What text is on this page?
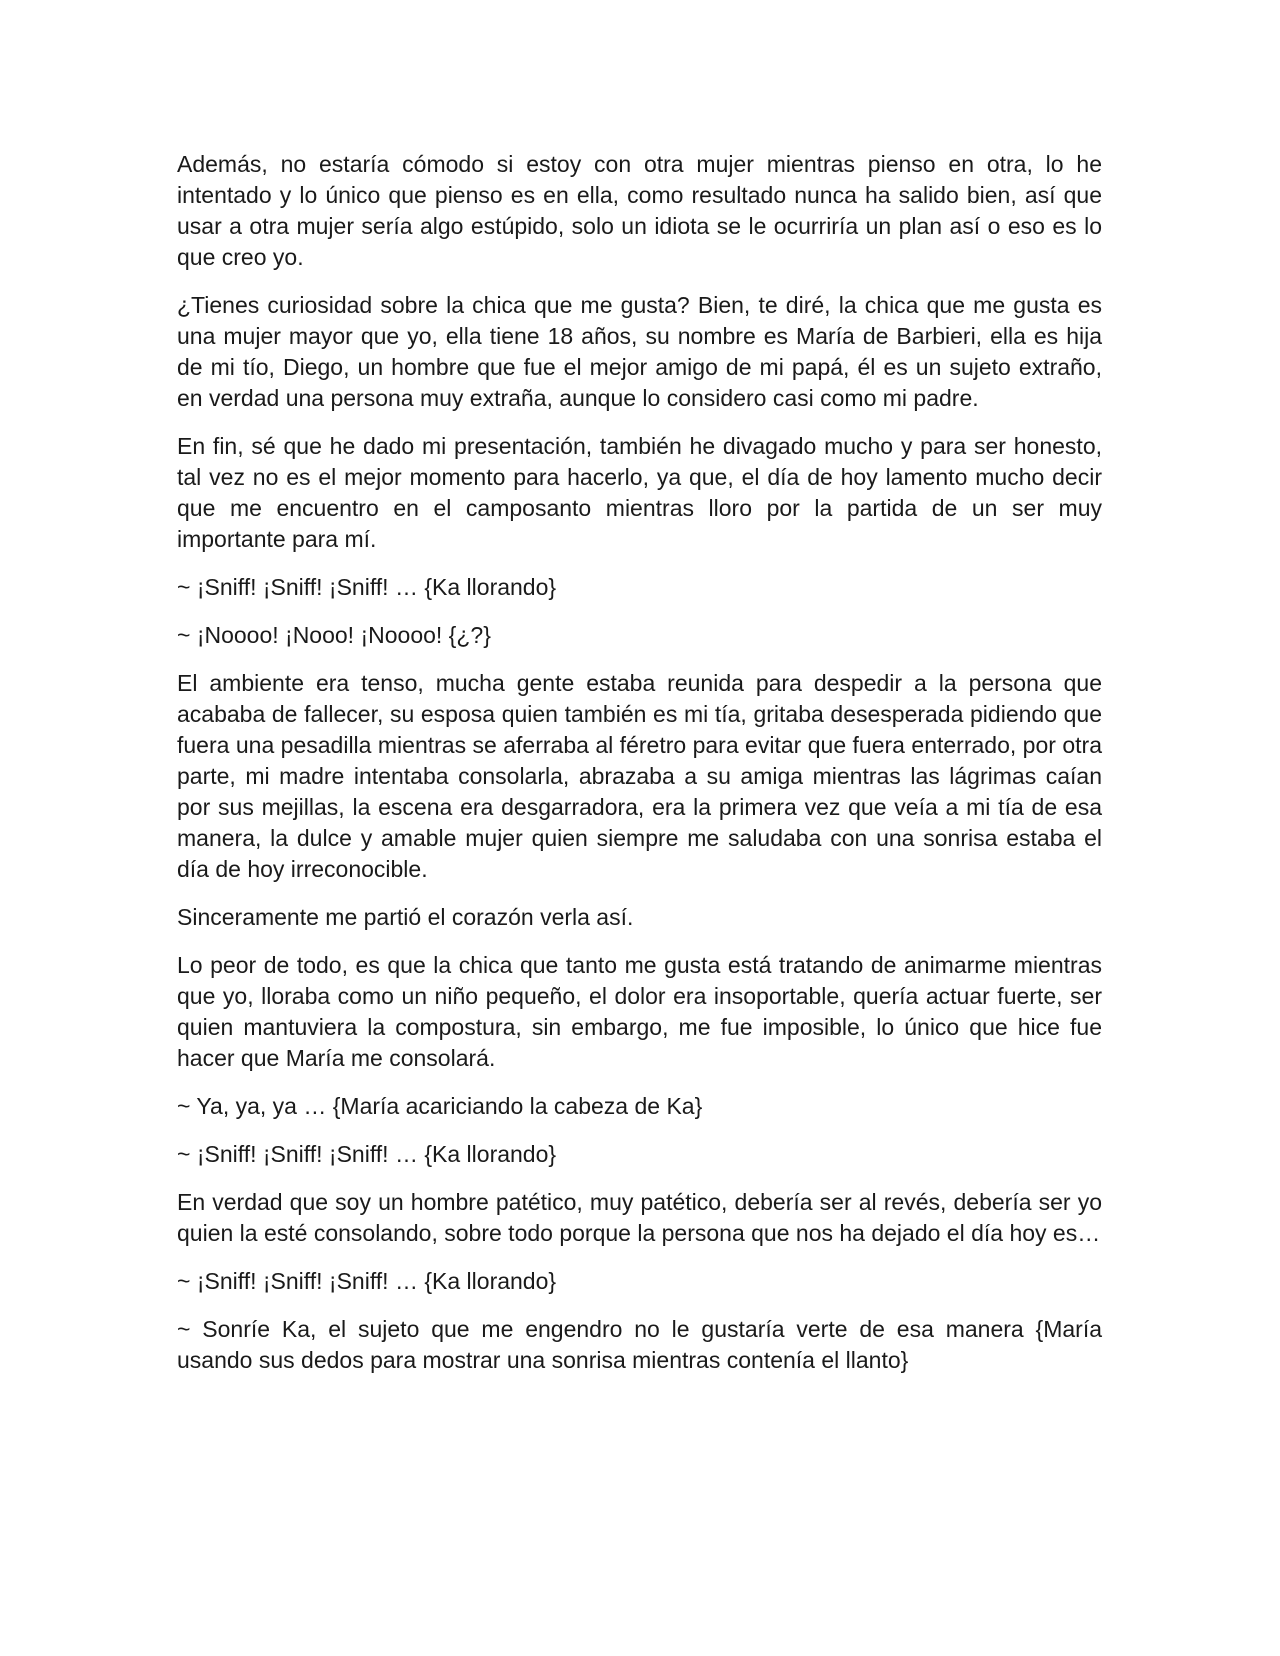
Además, no estaría cómodo si estoy con otra mujer mientras pienso en otra, lo he intentado y lo único que pienso es en ella, como resultado nunca ha salido bien, así que usar a otra mujer sería algo estúpido, solo un idiota se le ocurriría un plan así o eso es lo que creo yo.

¿Tienes curiosidad sobre la chica que me gusta? Bien, te diré, la chica que me gusta es una mujer mayor que yo, ella tiene 18 años, su nombre es María de Barbieri, ella es hija de mi tío, Diego, un hombre que fue el mejor amigo de mi papá, él es un sujeto extraño, en verdad una persona muy extraña, aunque lo considero casi como mi padre.

En fin, sé que he dado mi presentación, también he divagado mucho y para ser honesto, tal vez no es el mejor momento para hacerlo, ya que, el día de hoy lamento mucho decir que me encuentro en el camposanto mientras lloro por la partida de un ser muy importante para mí.

~ ¡Sniff! ¡Sniff! ¡Sniff! … {Ka llorando}

~ ¡Noooo! ¡Nooo! ¡Noooo! {¿?}

El ambiente era tenso, mucha gente estaba reunida para despedir a la persona que acababa de fallecer, su esposa quien también es mi tía, gritaba desesperada pidiendo que fuera una pesadilla mientras se aferraba al féretro para evitar que fuera enterrado, por otra parte, mi madre intentaba consolarla, abrazaba a su amiga mientras las lágrimas caían por sus mejillas, la escena era desgarradora, era la primera vez que veía a mi tía de esa manera, la dulce y amable mujer quien siempre me saludaba con una sonrisa estaba el día de hoy irreconocible.

Sinceramente me partió el corazón verla así.

Lo peor de todo, es que la chica que tanto me gusta está tratando de animarme mientras que yo, lloraba como un niño pequeño, el dolor era insoportable, quería actuar fuerte, ser quien mantuviera la compostura, sin embargo, me fue imposible, lo único que hice fue hacer que María me consolará.

~ Ya, ya, ya … {María acariciando la cabeza de Ka}

~ ¡Sniff! ¡Sniff! ¡Sniff! … {Ka llorando}

En verdad que soy un hombre patético, muy patético, debería ser al revés, debería ser yo quien la esté consolando, sobre todo porque la persona que nos ha dejado el día hoy es…

~ ¡Sniff! ¡Sniff! ¡Sniff! … {Ka llorando}

~ Sonríe Ka, el sujeto que me engendro no le gustaría verte de esa manera {María usando sus dedos para mostrar una sonrisa mientras contenía el llanto}
